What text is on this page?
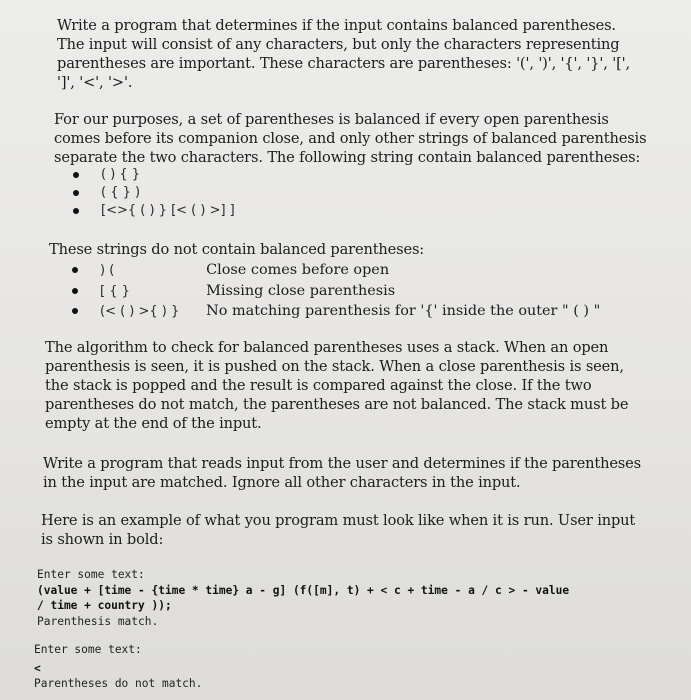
Write a program that determines if the input contains balanced parentheses. The input will consist of any characters, but only the characters representing parentheses are important. These characters are parentheses: '(', ')', '{', '}', '[', ']', '<', '>'.

For our purposes, a set of parentheses is balanced if every open parenthesis comes before its companion close, and only other strings of balanced parenthesis separate the two characters. The following string contain balanced parentheses:

( ) { }
( { } )
[<>{ ( ) } [< ( ) >] ]

These strings do not contain balanced parentheses:

) (	Close comes before open
[ { }	Missing close parenthesis
(< ( ) >{ ) } No matching parenthesis for '{' inside the outer " ( ) "

The algorithm to check for balanced parentheses uses a stack. When an open parenthesis is seen, it is pushed on the stack. When a close parenthesis is seen, the stack is popped and the result is compared against the close. If the two parentheses do not match, the parentheses are not balanced. The stack must be empty at the end of the input.

Write a program that reads input from the user and determines if the parentheses in the input are matched. Ignore all other characters in the input.

Here is an example of what you program must look like when it is run. User input is shown in bold:

Enter some text:
(value + [time - {time * time} a - g] (f([m], t) + < c + time - a / c > - value
/ time + country ));
Parenthesis match.
Enter some text:
<
Parentheses do not match.
